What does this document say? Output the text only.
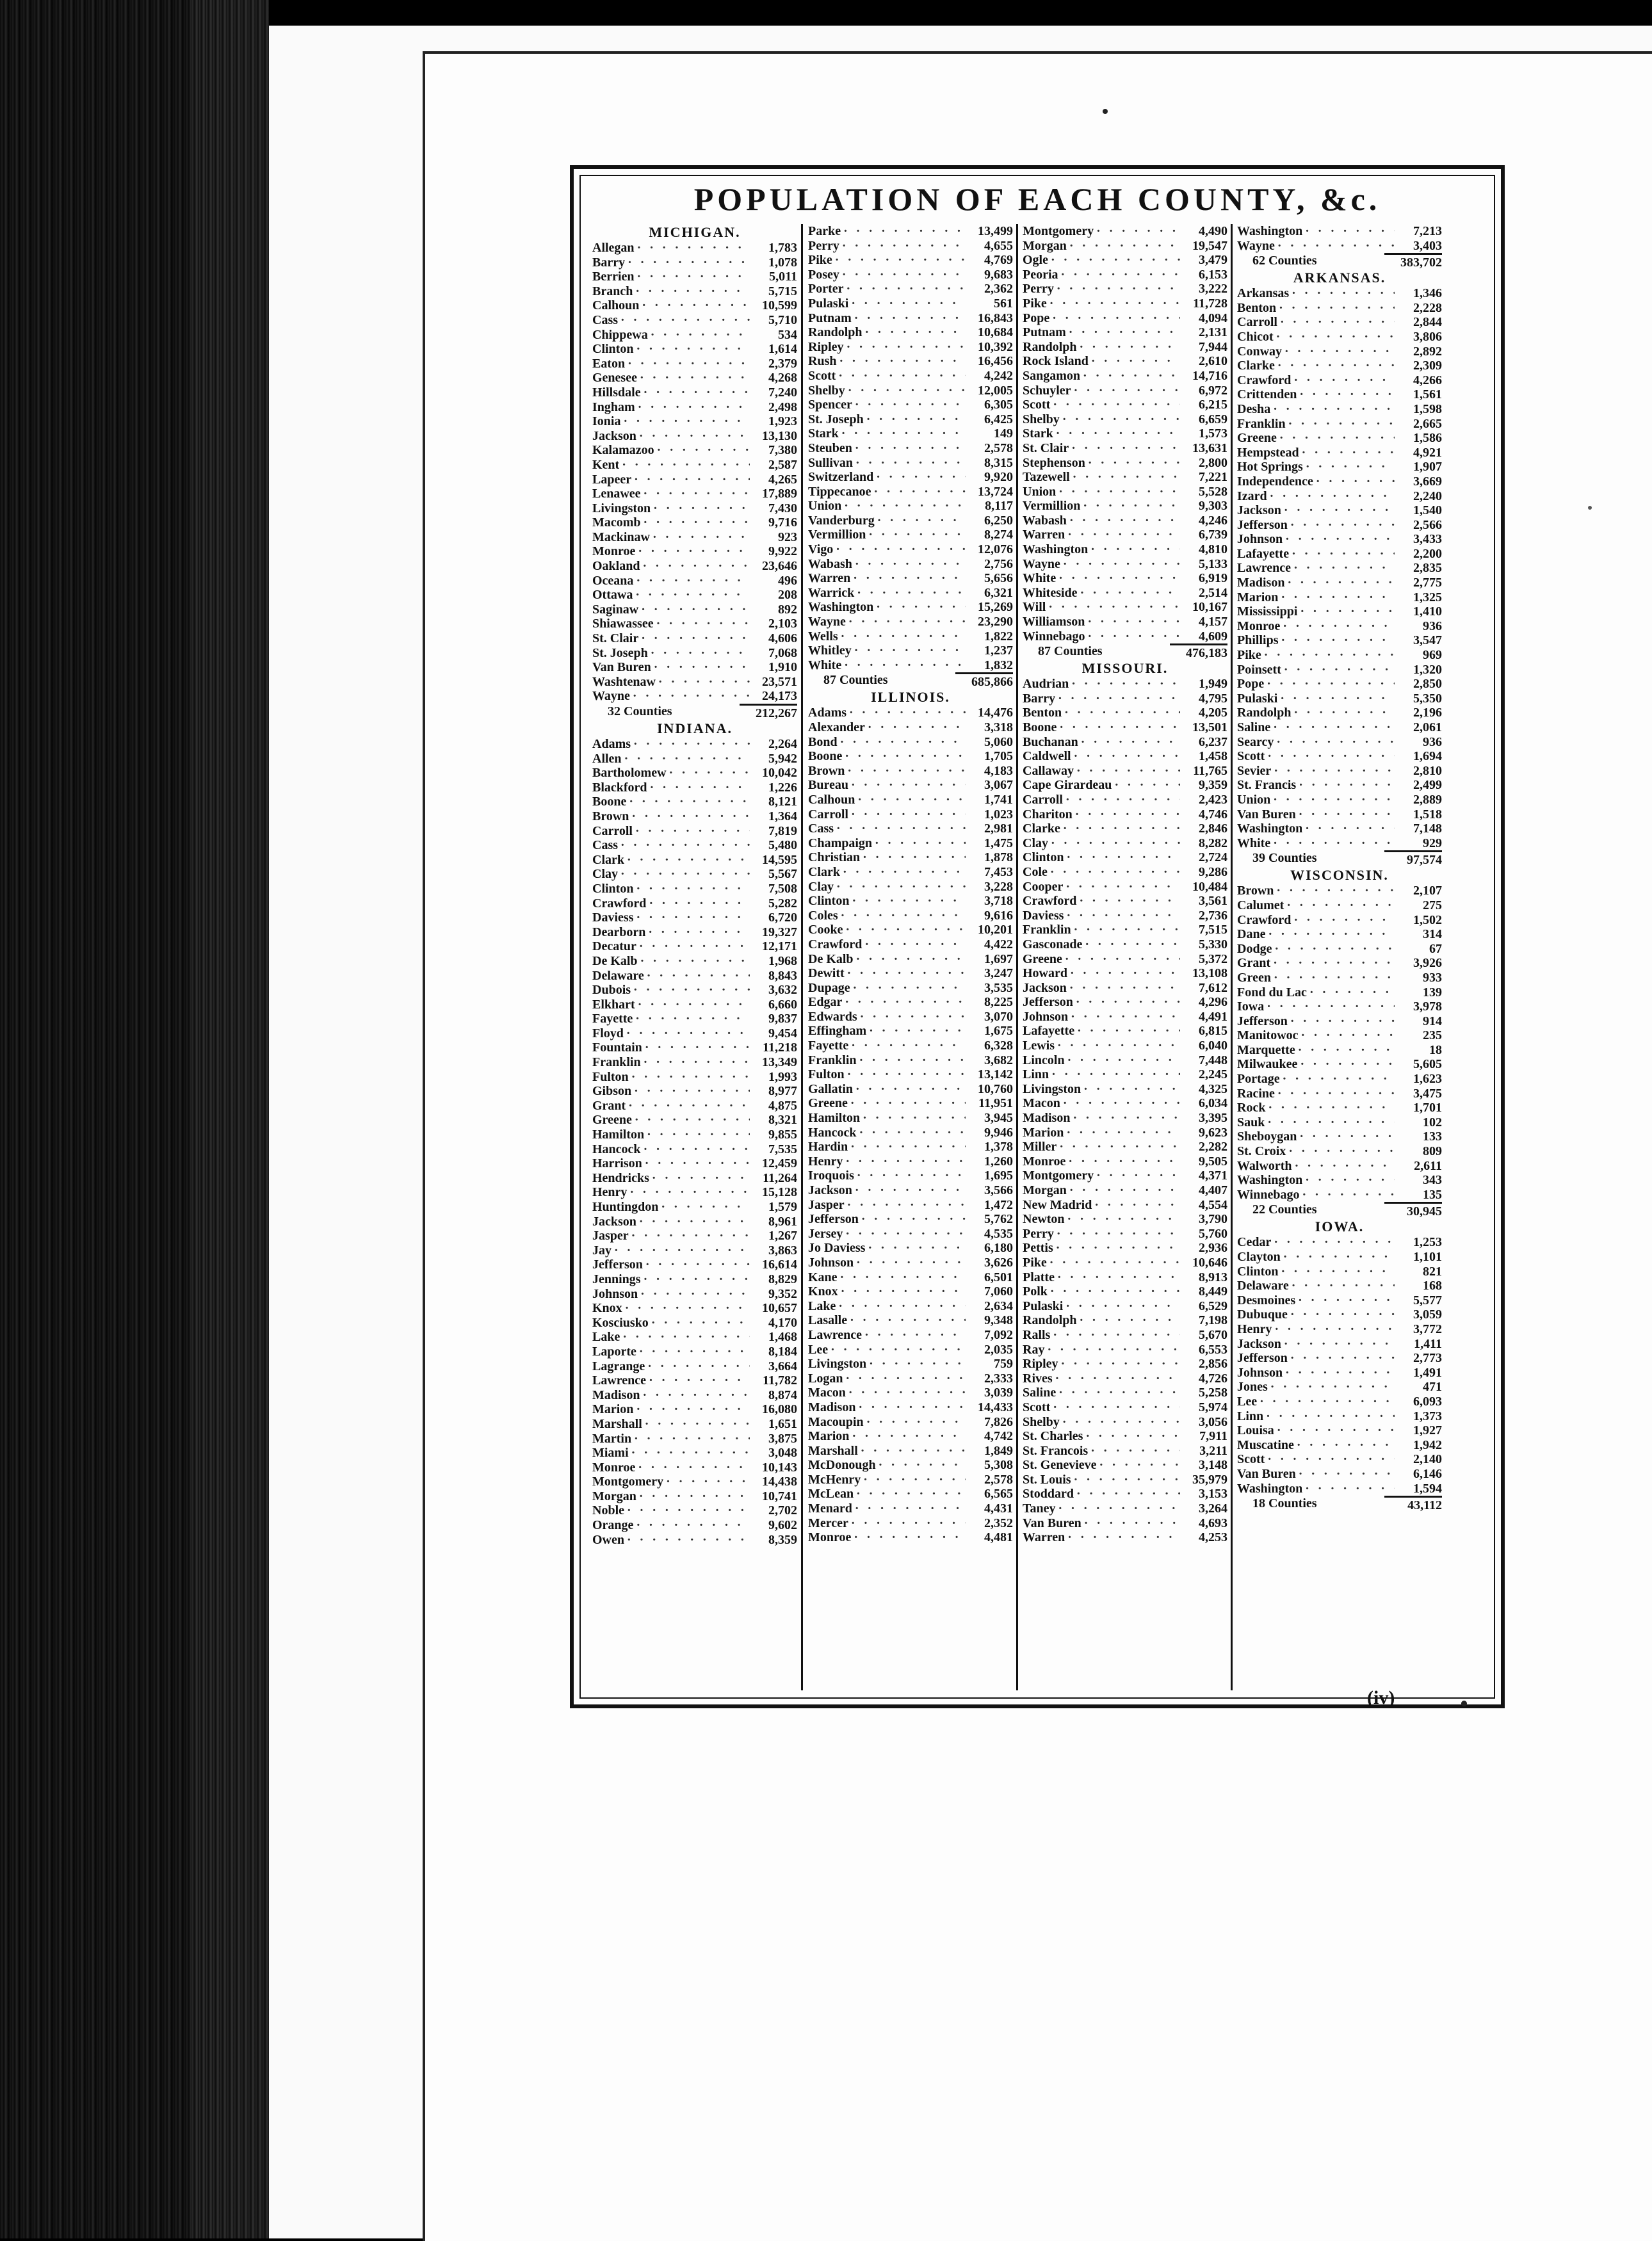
POPULATION OF EACH COUNTY, &c.
MICHIGAN.
Allegan · · ·	1,783
Barry · · ·	1,078
Berrien · · ·	5,011
Branch · · ·	5,715
Calhoun · · ·	10,599
Cass · · ·	5,710
Chippewa · · ·	534
Clinton · · ·	1,614
Eaton · · ·	2,379
Genesee · · ·	4,268
Hillsdale · · ·	7,240
Ingham · · ·	2,498
Ionia · · ·	1,923
Jackson · · ·	13,130
Kalamazoo · · ·	7,380
Kent · · ·	2,587
Lapeer · · ·	4,265
Lenawee · · ·	17,889
Livingston · · ·	7,430
Macomb · · ·	9,716
Mackinaw · · ·	923
Monroe · · ·	9,922
Oakland · · ·	23,646
Oceana · · ·	496
Ottawa · · ·	208
Saginaw · · ·	892
Shiawassee · · ·	2,103
St. Clair · · ·	4,606
St. Joseph · · ·	7,068
Van Buren · · ·	1,910
Washtenaw · · ·	23,571
Wayne · · ·	24,173
32 Counties	212,267
INDIANA.
Adams · · ·	2,264
Allen · · ·	5,942
Bartholomew · · ·	10,042
Blackford · · ·	1,226
Boone · · ·	8,121
Brown · · ·	1,364
Carroll · · ·	7,819
Cass · · ·	5,480
Clark · · ·	14,595
Clay · · ·	5,567
Clinton · · ·	7,508
Crawford · · ·	5,282
Daviess · · ·	6,720
Dearborn · · ·	19,327
Decatur · · ·	12,171
De Kalb · · ·	1,968
Delaware · · ·	8,843
Dubois · · ·	3,632
Elkhart · · ·	6,660
Fayette · · ·	9,837
Floyd · · ·	9,454
Fountain · · ·	11,218
Franklin · · ·	13,349
Fulton · · ·	1,993
Gibson · · ·	8,977
Grant · · ·	4,875
Greene · · ·	8,321
Hamilton · · ·	9,855
Hancock · · ·	7,535
Harrison · · ·	12,459
Hendricks · · ·	11,264
Henry · · ·	15,128
Huntingdon · · ·	1,579
Jackson · · ·	8,961
Jasper · · ·	1,267
Jay · · ·	3,863
Jefferson · · ·	16,614
Jennings · · ·	8,829
Johnson · · ·	9,352
Knox · · ·	10,657
Kosciusko · · ·	4,170
Lake · · ·	1,468
Laporte · · ·	8,184
Lagrange · · ·	3,664
Lawrence · · ·	11,782
Madison · · ·	8,874
Marion · · ·	16,080
Marshall · · ·	1,651
Martin · · ·	3,875
Miami · · ·	3,048
Monroe · · ·	10,143
Montgomery · · ·	14,438
Morgan · · ·	10,741
Noble · · ·	2,702
Orange · · ·	9,602
Owen · · ·	8,359
Parke · · ·	13,499
Perry · · ·	4,655
Pike · · ·	4,769
Posey · · ·	9,683
Porter · · ·	2,362
Pulaski · · ·	561
Putnam · · ·	16,843
Randolph · · ·	10,684
Ripley · · ·	10,392
Rush · · ·	16,456
Scott · · ·	4,242
Shelby · · ·	12,005
Spencer · · ·	6,305
St. Joseph · · ·	6,425
Stark · · ·	149
Steuben · · ·	2,578
Sullivan · · ·	8,315
Switzerland · · ·	9,920
Tippecanoe · · ·	13,724
Union · · ·	8,117
Vanderburg · · ·	6,250
Vermillion · · ·	8,274
Vigo · · ·	12,076
Wabash · · ·	2,756
Warren · · ·	5,656
Warrick · · ·	6,321
Washington · · ·	15,269
Wayne · · ·	23,290
Wells · · ·	1,822
Whitley · · ·	1,237
White · · ·	1,832
87 Counties	685,866
ILLINOIS.
Adams · · ·	14,476
Alexander · · ·	3,318
Bond · · ·	5,060
Boone · · ·	1,705
Brown · · ·	4,183
Bureau · · ·	3,067
Calhoun · · ·	1,741
Carroll · · ·	1,023
Cass · · ·	2,981
Champaign · · ·	1,475
Christian · · ·	1,878
Clark · · ·	7,453
Clay · · ·	3,228
Clinton · · ·	3,718
Coles · · ·	9,616
Cooke · · ·	10,201
Crawford · · ·	4,422
De Kalb · · ·	1,697
Dewitt · · ·	3,247
Dupage · · ·	3,535
Edgar · · ·	8,225
Edwards · · ·	3,070
Effingham · · ·	1,675
Fayette · · ·	6,328
Franklin · · ·	3,682
Fulton · · ·	13,142
Gallatin · · ·	10,760
Greene · · ·	11,951
Hamilton · · ·	3,945
Hancock · · ·	9,946
Hardin · · ·	1,378
Henry · · ·	1,260
Iroquois · · ·	1,695
Jackson · · ·	3,566
Jasper · · ·	1,472
Jefferson · · ·	5,762
Jersey · · ·	4,535
Jo Daviess · · ·	6,180
Johnson · · ·	3,626
Kane · · ·	6,501
Knox · · ·	7,060
Lake · · ·	2,634
Lasalle · · ·	9,348
Lawrence · · ·	7,092
Lee · · ·	2,035
Livingston · · ·	759
Logan · · ·	2,333
Macon · · ·	3,039
Madison · · ·	14,433
Macoupin · · ·	7,826
Marion · · ·	4,742
Marshall · · ·	1,849
McDonough · · ·	5,308
McHenry · · ·	2,578
McLean · · ·	6,565
Menard · · ·	4,431
Mercer · · ·	2,352
Monroe · · ·	4,481
Montgomery · · ·	4,490
Morgan · · ·	19,547
Ogle · · ·	3,479
Peoria · · ·	6,153
Perry · · ·	3,222
Pike · · ·	11,728
Pope · · ·	4,094
Putnam · · ·	2,131
Randolph · · ·	7,944
Rock Island · · ·	2,610
Sangamon · · ·	14,716
Schuyler · · ·	6,972
Scott · · ·	6,215
Shelby · · ·	6,659
Stark · · ·	1,573
St. Clair · · ·	13,631
Stephenson · · ·	2,800
Tazewell · · ·	7,221
Union · · ·	5,528
Vermillion · · ·	9,303
Wabash · · ·	4,246
Warren · · ·	6,739
Washington · · ·	4,810
Wayne · · ·	5,133
White · · ·	6,919
Whiteside · · ·	2,514
Will · · ·	10,167
Williamson · · ·	4,157
Winnebago · · ·	4,609
87 Counties	476,183
MISSOURI.
Audrian · · ·	1,949
Barry · · ·	4,795
Benton · · ·	4,205
Boone · · ·	13,501
Buchanan · · ·	6,237
Caldwell · · ·	1,458
Callaway · · ·	11,765
Cape Girardeau · · ·	9,359
Carroll · · ·	2,423
Chariton · · ·	4,746
Clarke · · ·	2,846
Clay · · ·	8,282
Clinton · · ·	2,724
Cole · · ·	9,286
Cooper · · ·	10,484
Crawford · · ·	3,561
Daviess · · ·	2,736
Franklin · · ·	7,515
Gasconade · · ·	5,330
Greene · · ·	5,372
Howard · · ·	13,108
Jackson · · ·	7,612
Jefferson · · ·	4,296
Johnson · · ·	4,491
Lafayette · · ·	6,815
Lewis · · ·	6,040
Lincoln · · ·	7,448
Linn · · ·	2,245
Livingston · · ·	4,325
Macon · · ·	6,034
Madison · · ·	3,395
Marion · · ·	9,623
Miller · · ·	2,282
Monroe · · ·	9,505
Montgomery · · ·	4,371
Morgan · · ·	4,407
New Madrid · · ·	4,554
Newton · · ·	3,790
Perry · · ·	5,760
Pettis · · ·	2,936
Pike · · ·	10,646
Platte · · ·	8,913
Polk · · ·	8,449
Pulaski · · ·	6,529
Randolph · · ·	7,198
Ralls · · ·	5,670
Ray · · ·	6,553
Ripley · · ·	2,856
Rives · · ·	4,726
Saline · · ·	5,258
Scott · · ·	5,974
Shelby · · ·	3,056
St. Charles · · ·	7,911
St. Francois · · ·	3,211
St. Genevieve · · ·	3,148
St. Louis · · ·	35,979
Stoddard · · ·	3,153
Taney · · ·	3,264
Van Buren · · ·	4,693
Warren · · ·	4,253
Washington · · ·	7,213
Wayne · · ·	3,403
62 Counties	383,702
ARKANSAS.
Arkansas · · ·	1,346
Benton · · ·	2,228
Carroll · · ·	2,844
Chicot · · ·	3,806
Conway · · ·	2,892
Clarke · · ·	2,309
Crawford · · ·	4,266
Crittenden · · ·	1,561
Desha · · ·	1,598
Franklin · · ·	2,665
Greene · · ·	1,586
Hempstead · · ·	4,921
Hot Springs · · ·	1,907
Independence · · ·	3,669
Izard · · ·	2,240
Jackson · · ·	1,540
Jefferson · · ·	2,566
Johnson · · ·	3,433
Lafayette · · ·	2,200
Lawrence · · ·	2,835
Madison · · ·	2,775
Marion · · ·	1,325
Mississippi · · ·	1,410
Monroe · · ·	936
Phillips · · ·	3,547
Pike · · ·	969
Poinsett · · ·	1,320
Pope · · ·	2,850
Pulaski · · ·	5,350
Randolph · · ·	2,196
Saline · · ·	2,061
Searcy · · ·	936
Scott · · ·	1,694
Sevier · · ·	2,810
St. Francis · · ·	2,499
Union · · ·	2,889
Van Buren · · ·	1,518
Washington · · ·	7,148
White · · ·	929
39 Counties	97,574
WISCONSIN.
Brown · · ·	2,107
Calumet · · ·	275
Crawford · · ·	1,502
Dane · · ·	314
Dodge · · ·	67
Grant · · ·	3,926
Green · · ·	933
Fond du Lac · · ·	139
Iowa · · ·	3,978
Jefferson · · ·	914
Manitowoc · · ·	235
Marquette · · ·	18
Milwaukee · · ·	5,605
Portage · · ·	1,623
Racine · · ·	3,475
Rock · · ·	1,701
Sauk · · ·	102
Sheboygan · · ·	133
St. Croix · · ·	809
Walworth · · ·	2,611
Washington · · ·	343
Winnebago · · ·	135
22 Counties	30,945
IOWA.
Cedar · · ·	1,253
Clayton · · ·	1,101
Clinton · · ·	821
Delaware · · ·	168
Desmoines · · ·	5,577
Dubuque · · ·	3,059
Henry · · ·	3,772
Jackson · · ·	1,411
Jefferson · · ·	2,773
Johnson · · ·	1,491
Jones · · ·	471
Lee · · ·	6,093
Linn · · ·	1,373
Louisa · · ·	1,927
Muscatine · · ·	1,942
Scott · · ·	2,140
Van Buren · · ·	6,146
Washington · · ·	1,594
18 Counties	43,112
(iv)
